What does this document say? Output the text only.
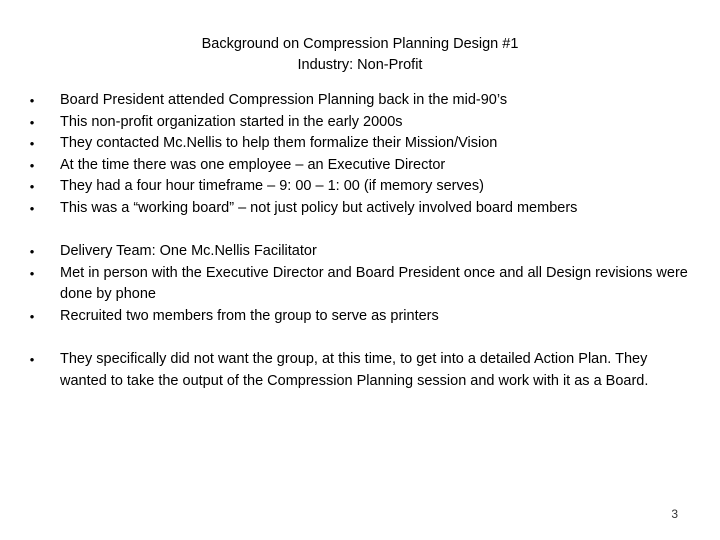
Background on Compression Planning Design #1
Industry: Non-Profit
• Board President attended Compression Planning back in the mid-90’s
• This non-profit organization started in the early 2000s
• They contacted Mc.Nellis to help them formalize their Mission/Vision
• At the time there was one employee – an Executive Director
• They had a four hour timeframe – 9: 00 – 1: 00 (if memory serves)
• This was a “working board” – not just policy but actively involved board members
• Delivery Team: One Mc.Nellis Facilitator
• Met in person with the Executive Director and Board President once and all Design revisions were done by phone
• Recruited two members from the group to serve as printers
• They specifically did not want the group, at this time, to get into a detailed Action Plan. They wanted to take the output of the Compression Planning session and work with it as a Board.
3
